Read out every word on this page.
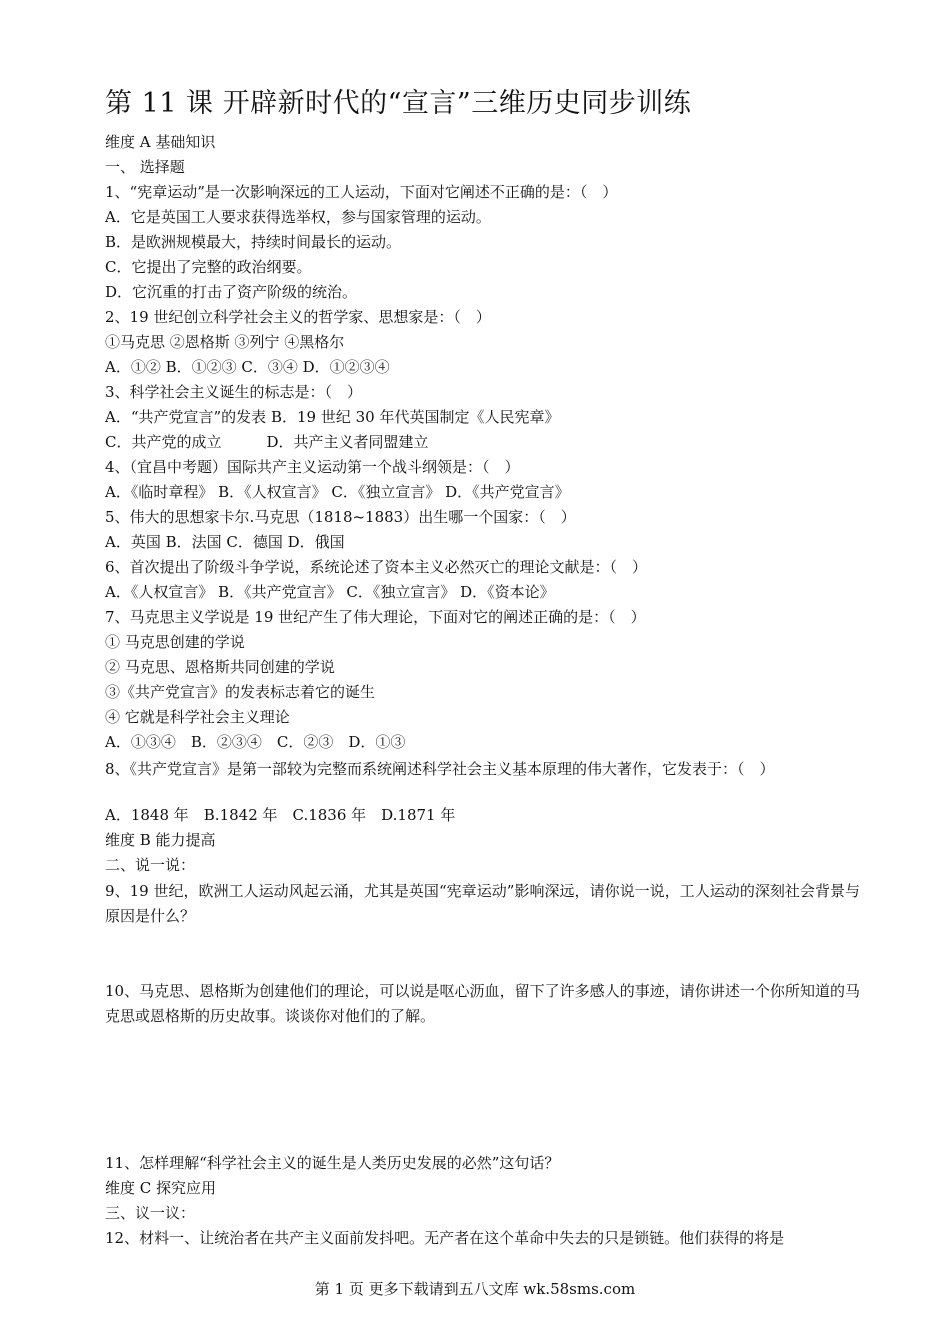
第 11 课 开辟新时代的“宣言”三维历史同步训练
维度 A 基础知识
一、 选择题
1、“宪章运动”是一次影响深远的工人运动，下面对它阐述不正确的是：（　）
A．它是英国工人要求获得选举权，参与国家管理的运动。
B．是欧洲规模最大，持续时间最长的运动。
C．它提出了完整的政治纲要。
D．它沉重的打击了资产阶级的统治。
2、19 世纪创立科学社会主义的哲学家、思想家是：（　）
①马克思 ②恩格斯 ③列宁 ④黑格尔
A．①② B．①②③ C．③④ D．①②③④
3、科学社会主义诞生的标志是：（　）
A．“共产党宣言”的发表 B．19 世纪 30 年代英国制定《人民宪章》
C．共产党的成立　　　D．共产主义者同盟建立
4、（宜昌中考题）国际共产主义运动第一个战斗纲领是：（　）
A．《临时章程》 B．《人权宣言》 C．《独立宣言》 D．《共产党宣言》
5、伟大的思想家卡尔.马克思（1818~1883）出生哪一个国家：（　）
A．英国 B．法国 C．德国 D．俄国
6、首次提出了阶级斗争学说，系统论述了资本主义必然灭亡的理论文献是：（　）
A．《人权宣言》 B．《共产党宣言》 C．《独立宣言》 D．《资本论》
7、马克思主义学说是 19 世纪产生了伟大理论，下面对它的阐述正确的是：（　）
① 马克思创建的学说
② 马克思、恩格斯共同创建的学说
③《共产党宣言》的发表标志着它的诞生
④ 它就是科学社会主义理论
A．①③④　B．②③④　C．②③　D．①③
8、《共产党宣言》是第一部较为完整而系统阐述科学社会主义基本原理的伟大著作，它发表于：（　）
A．1848 年　B.1842 年　C.1836 年　D.1871 年
维度 B 能力提高
二、说一说：
9、19 世纪，欧洲工人运动风起云涌，尤其是英国“宪章运动”影响深远，请你说一说，工人运动的深刻社会背景与原因是什么？
10、马克思、恩格斯为创建他们的理论，可以说是呕心沥血，留下了许多感人的事迹，请你讲述一个你所知道的马克思或恩格斯的历史故事。谈谈你对他们的了解。
11、怎样理解“科学社会主义的诞生是人类历史发展的必然”这句话？
维度 C 探究应用
三、议一议：
12、材料一、让统治者在共产主义面前发抖吧。无产者在这个革命中失去的只是锁链。他们获得的将是
第 1 页 更多下载请到五八文库 wk.58sms.com
